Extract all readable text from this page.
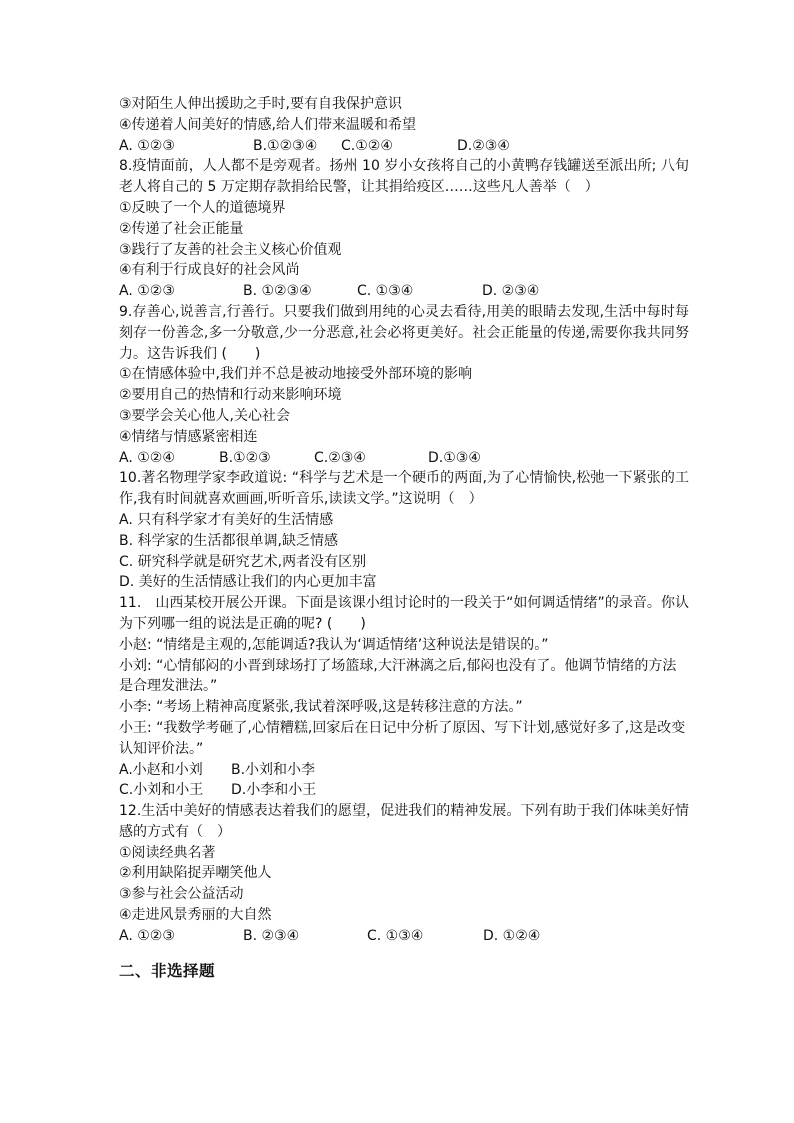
③对陌生人伸出援助之手时,要有自我保护意识
④传递着人间美好的情感,给人们带来温暖和希望
A. ①②③	B.①②③④	C.①②④	D.②③④
8.疫情面前，人人都不是旁观者。扬州 10 岁小女孩将自己的小黄鸭存钱罐送至派出所; 八旬老人将自己的 5 万定期存款捐给民警，让其捐给疫区……这些凡人善举（　）
①反映了一个人的道德境界
②传递了社会正能量
③践行了友善的社会主义核心价值观
④有利于行成良好的社会风尚
A. ①②③	B. ①②③④	C. ①③④	D. ②③④
9.存善心,说善言,行善行。只要我们做到用纯的心灵去看待,用美的眼睛去发现,生活中每时每刻存一份善念,多一分敬意,少一分恶意,社会必将更美好。社会正能量的传递,需要你我共同努力。这告诉我们 (　　)
①在情感体验中,我们并不总是被动地接受外部环境的影响
②要用自己的热情和行动来影响环境
③要学会关心他人,关心社会
④情绪与情感紧密相连
A. ①②④	B.①②③	C.②③④	D.①③④
10.著名物理学家李政道说: “科学与艺术是一个硬币的两面,为了心情愉快,松弛一下紧张的工作,我有时间就喜欢画画,听听音乐,读读文学。”这说明（　）
A. 只有科学家才有美好的生活情感
B. 科学家的生活都很单调,缺乏情感
C. 研究科学就是研究艺术,两者没有区别
D. 美好的生活情感让我们的内心更加丰富
11.　山西某校开展公开课。下面是该课小组讨论时的一段关于“如何调适情绪”的录音。你认为下列哪一组的说法是正确的呢? (　　)
小赵: “情绪是主观的,怎能调适?我认为‘调适情绪’这种说法是错误的。”
小刘: “心情郁闷的小晋到球场打了场篮球,大汗淋漓之后,郁闷也没有了。他调节情绪的方法是合理发泄法。”
小李: “考场上精神高度紧张,我试着深呼吸,这是转移注意的方法。”
小王: “我数学考砸了,心情糟糕,回家后在日记中分析了原因、写下计划,感觉好多了,这是改变认知评价法。”
A.小赵和小刘	B.小刘和小李
C.小刘和小王	D.小李和小王
12.生活中美好的情感表达着我们的愿望，促进我们的精神发展。下列有助于我们体味美好情感的方式有（　）
①阅读经典名著
②利用缺陷捉弄嘲笑他人
③参与社会公益活动
④走进风景秀丽的大自然
A. ①②③	B. ②③④	C. ①③④	D. ①②④
二、非选择题
